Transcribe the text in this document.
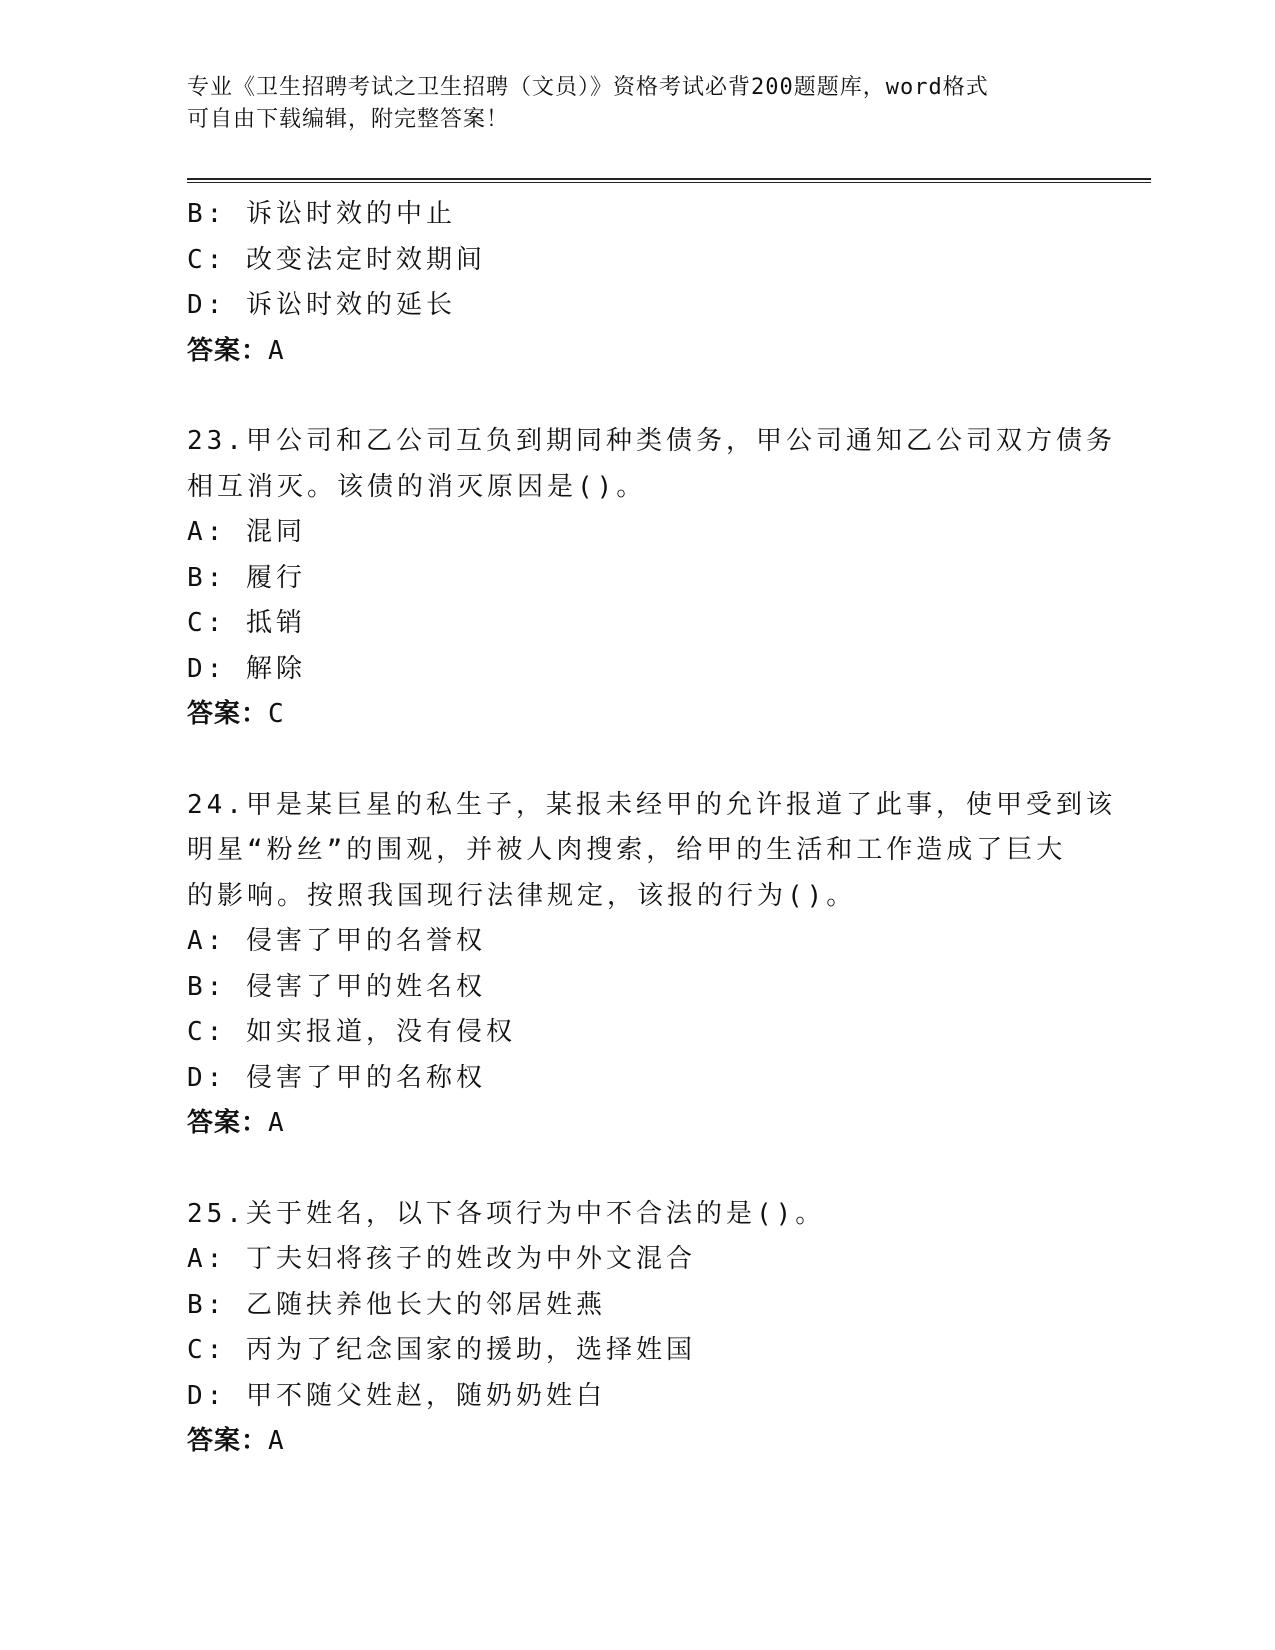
专业《卫生招聘考试之卫生招聘（文员）》资格考试必背200题题库，word格式
可自由下载编辑，附完整答案！
B: 诉讼时效的中止
C: 改变法定时效期间
D: 诉讼时效的延长
答案：A
23.甲公司和乙公司互负到期同种类债务，甲公司通知乙公司双方债务
相互消灭。该债的消灭原因是()。
A: 混同
B: 履行
C: 抵销
D: 解除
答案：C
24.甲是某巨星的私生子，某报未经甲的允许报道了此事，使甲受到该
明星“粉丝”的围观，并被人肉搜索，给甲的生活和工作造成了巨大
的影响。按照我国现行法律规定，该报的行为()。
A: 侵害了甲的名誉权
B: 侵害了甲的姓名权
C: 如实报道，没有侵权
D: 侵害了甲的名称权
答案：A
25.关于姓名，以下各项行为中不合法的是()。
A: 丁夫妇将孩子的姓改为中外文混合
B: 乙随扶养他长大的邻居姓燕
C: 丙为了纪念国家的援助，选择姓国
D: 甲不随父姓赵，随奶奶姓白
答案：A
